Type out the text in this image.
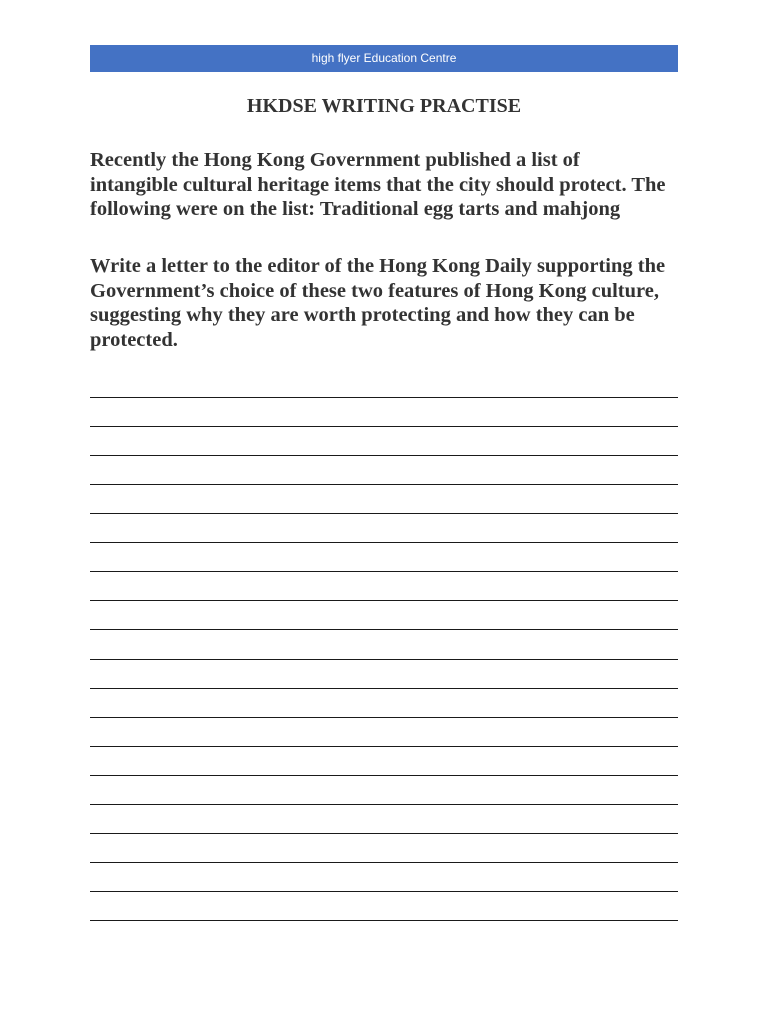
high flyer Education Centre
HKDSE WRITING PRACTISE

Recently the Hong Kong Government published a list of
intangible cultural heritage items that the city should protect. The
following were on the list: Traditional egg tarts and mahjong

Write a letter to the editor of the Hong Kong Daily supporting the
Government’s choice of these two features of Hong Kong culture,
suggesting why they are worth protecting and how they can be
protected.
